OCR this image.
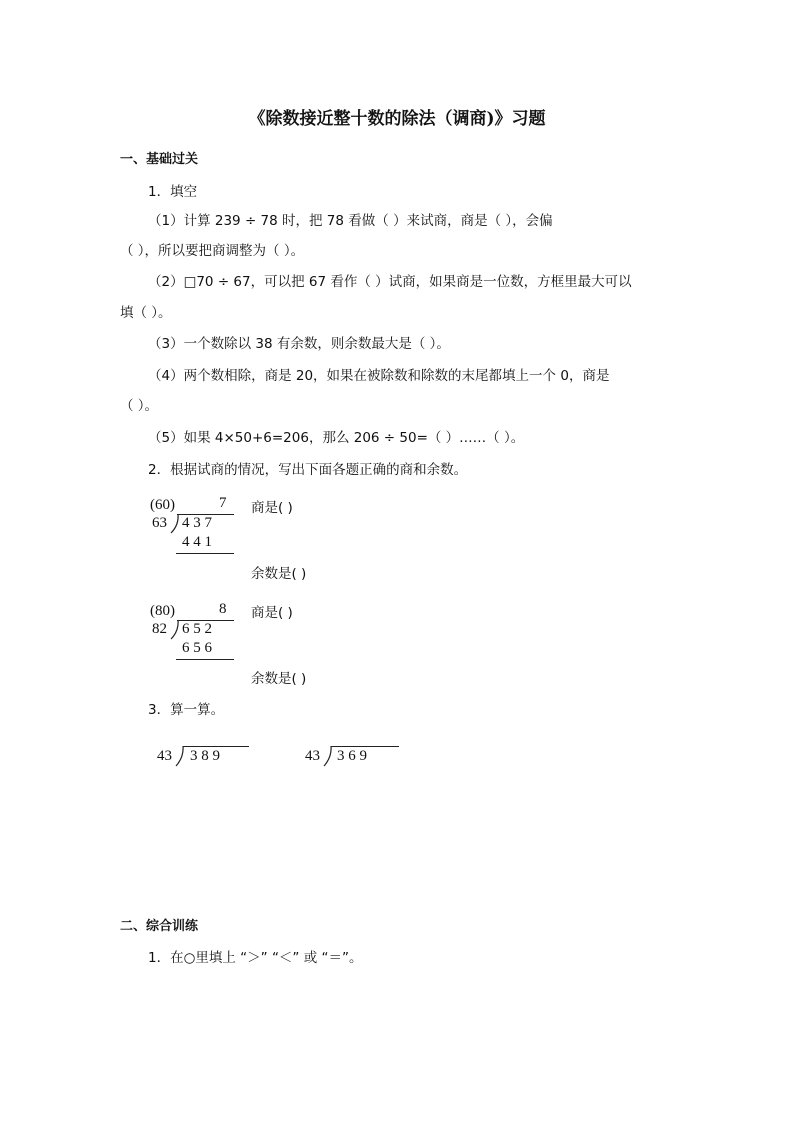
《除数接近整十数的除法（调商)》习题
一、基础过关
1．填空
（1）计算 239 ÷ 78 时，把 78 看做（ ）来试商，商是（ ），会偏
（ ），所以要把商调整为（ ）。
（2）□70 ÷ 67，可以把 67 看作（ ）试商，如果商是一位数，方框里最大可以
填（ ）。
（3）一个数除以 38 有余数，则余数最大是（ ）。
（4）两个数相除，商是 20，如果在被除数和除数的末尾都填上一个 0，商是
（ ）。
（5）如果 4×50+6=206，那么 206 ÷ 50=（ ）……（ ）。
2．根据试商的情况，写出下面各题正确的商和余数。
(60)	7
63 4 3 7
4 4 1
商是( )
余数是( )
(80)	8
82 6 5 2
6 5 6
商是( )
余数是( )
3．算一算。
43 3 8 9	43 3 6 9
二、综合训练
1．在○里填上 “＞” “＜” 或 “＝”。
